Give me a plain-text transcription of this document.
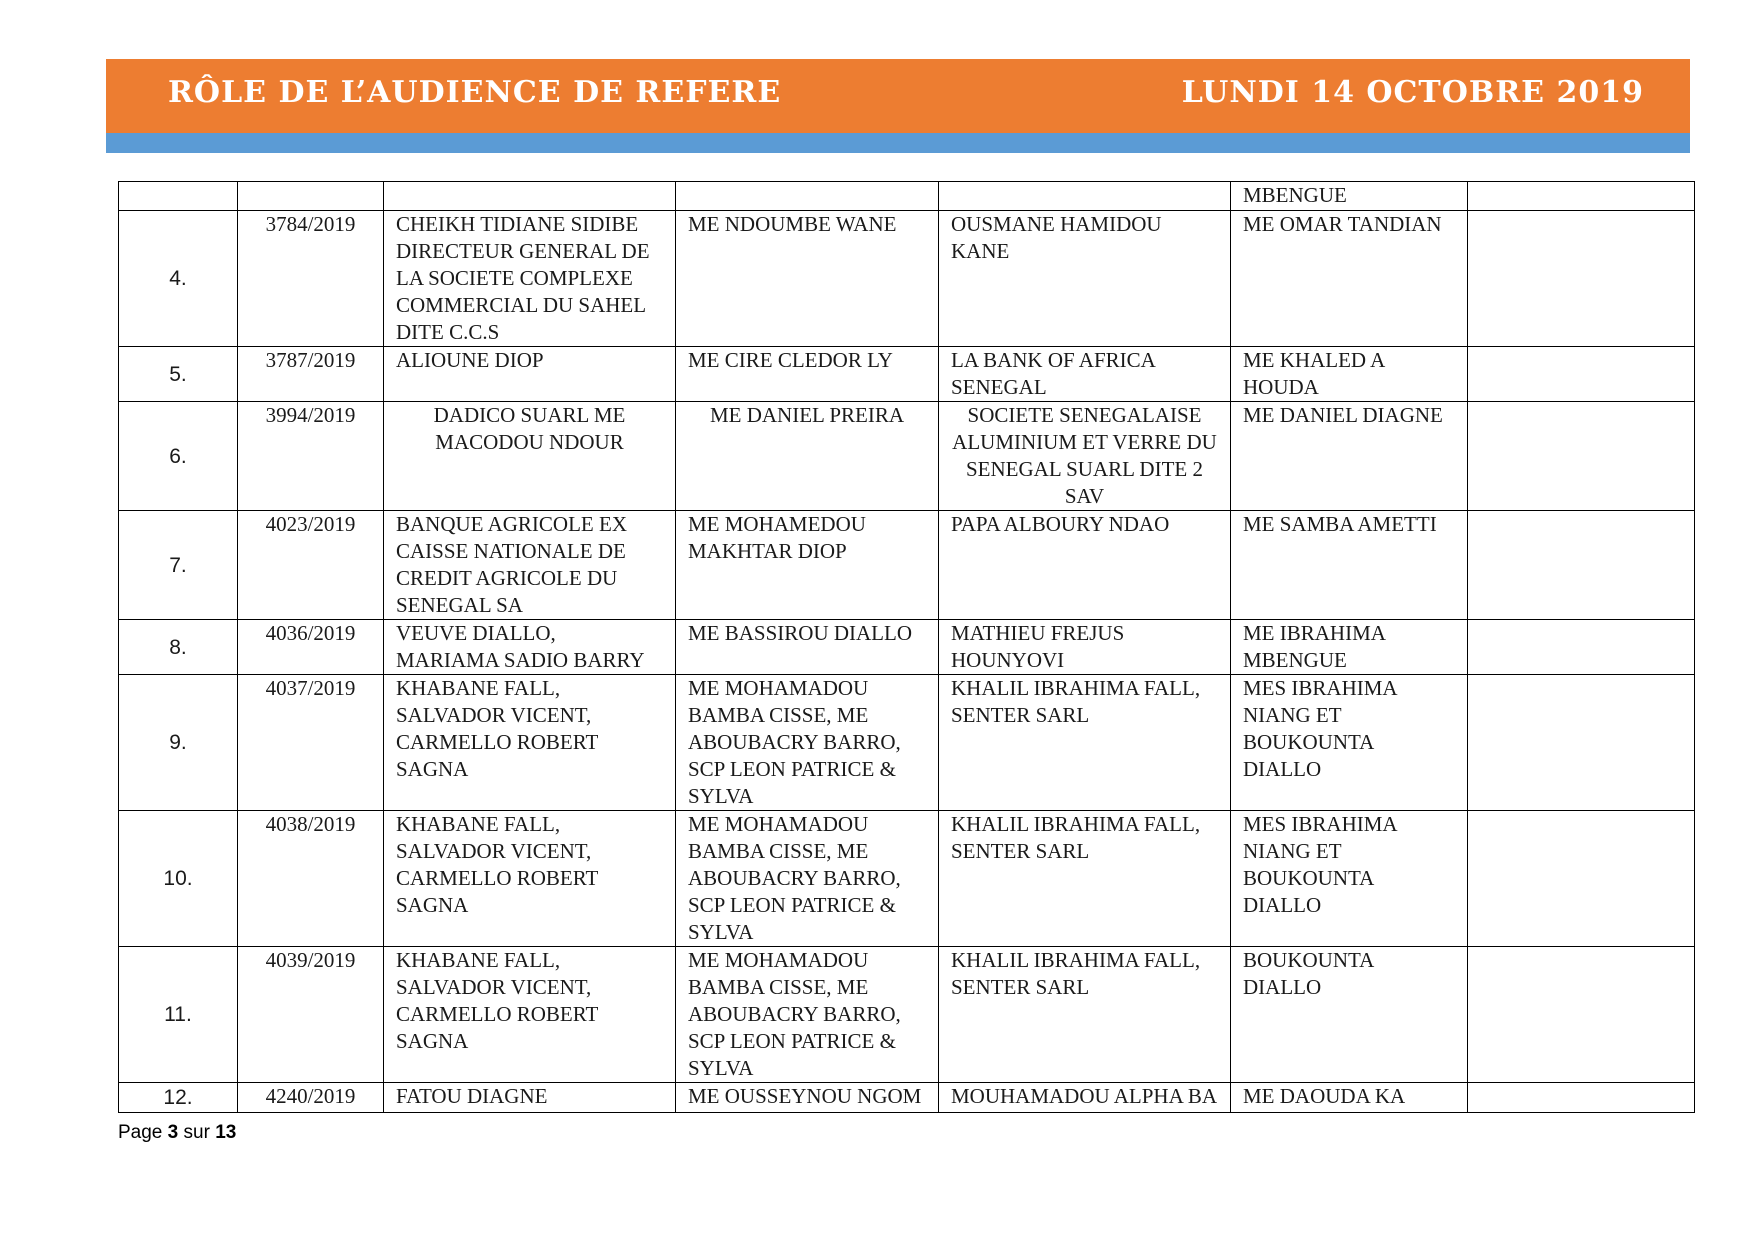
RÔLE DE L’AUDIENCE DE REFERE	LUNDI 14 OCTOBRE 2019
					MBENGUE	
4.	3784/2019	CHEIKH TIDIANE SIDIBE DIRECTEUR GENERAL DE LA SOCIETE COMPLEXE COMMERCIAL DU SAHEL DITE C.C.S	ME NDOUMBE WANE	OUSMANE HAMIDOU KANE	ME OMAR TANDIAN	
5.	3787/2019	ALIOUNE DIOP	ME CIRE CLEDOR LY	LA BANK OF AFRICA SENEGAL	ME KHALED A HOUDA	
6.	3994/2019	DADICO SUARL ME MACODOU NDOUR	ME DANIEL PREIRA	SOCIETE SENEGALAISE ALUMINIUM ET VERRE DU SENEGAL SUARL DITE 2 SAV	ME DANIEL DIAGNE	
7.	4023/2019	BANQUE AGRICOLE EX CAISSE NATIONALE DE CREDIT AGRICOLE DU SENEGAL SA	ME MOHAMEDOU MAKHTAR DIOP	PAPA ALBOURY NDAO	ME SAMBA AMETTI	
8.	4036/2019	VEUVE DIALLO, MARIAMA SADIO BARRY	ME BASSIROU DIALLO	MATHIEU FREJUS HOUNYOVI	ME IBRAHIMA MBENGUE	
9.	4037/2019	KHABANE FALL, SALVADOR VICENT, CARMELLO ROBERT SAGNA	ME MOHAMADOU BAMBA CISSE, ME ABOUBACRY BARRO, SCP LEON PATRICE & SYLVA	KHALIL IBRAHIMA FALL, SENTER SARL	MES IBRAHIMA NIANG ET BOUKOUNTA DIALLO	
10.	4038/2019	KHABANE FALL, SALVADOR VICENT, CARMELLO ROBERT SAGNA	ME MOHAMADOU BAMBA CISSE, ME ABOUBACRY BARRO, SCP LEON PATRICE & SYLVA	KHALIL IBRAHIMA FALL, SENTER SARL	MES IBRAHIMA NIANG ET BOUKOUNTA DIALLO	
11.	4039/2019	KHABANE FALL, SALVADOR VICENT, CARMELLO ROBERT SAGNA	ME MOHAMADOU BAMBA CISSE, ME ABOUBACRY BARRO, SCP LEON PATRICE & SYLVA	KHALIL IBRAHIMA FALL, SENTER SARL	BOUKOUNTA DIALLO	
12.	4240/2019	FATOU DIAGNE	ME OUSSEYNOU NGOM	MOUHAMADOU ALPHA BA	ME DAOUDA KA	
Page 3 sur 13
